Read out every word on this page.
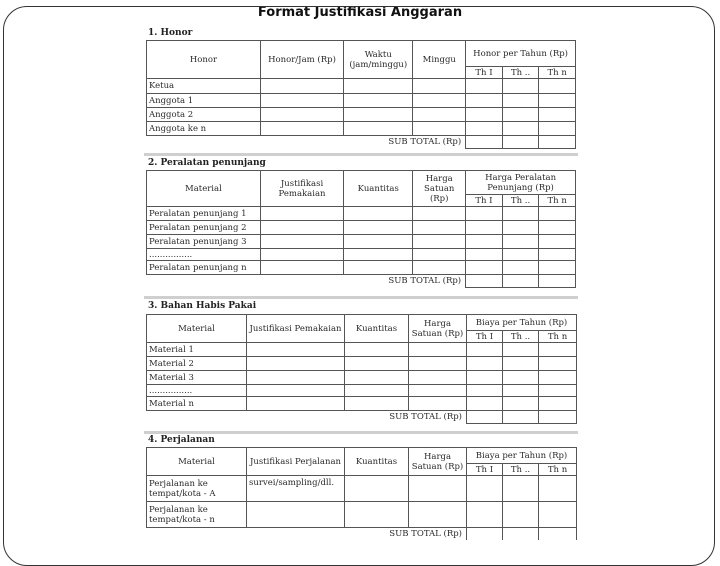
Format Justifikasi Anggaran
1. Honor
Honor	Honor/Jam (Rp)	Waktu (jam/minggu)	Minggu	Honor per Tahun (Rp)		
				Th I	Th ..	Th n
Ketua						
Anggota 1						
Anggota 2						
Anggota ke n						
SUB TOTAL (Rp)						
2. Peralatan penunjang
Material	Justifikasi Pemakaian	Kuantitas	Harga Satuan (Rp)	Harga Peralatan Penunjang (Rp)		
				Th I	Th ..	Th n
Peralatan penunjang 1						
Peralatan penunjang 2						
Peralatan penunjang 3						
................						
Peralatan penunjang n						
SUB TOTAL (Rp)						
3. Bahan Habis Pakai
Material	Justifikasi Pemakaian	Kuantitas	Harga Satuan (Rp)	Biaya per Tahun (Rp)		
				Th I	Th ..	Th n
Material 1						
Material 2						
Material 3						
................						
Material n						
SUB TOTAL (Rp)						
4. Perjalanan
Material	Justifikasi Perjalanan	Kuantitas	Harga Satuan (Rp)	Biaya per Tahun (Rp)		
				Th I	Th ..	Th n
Perjalanan ke tempat/kota - A	survei/sampling/dll.					
Perjalanan ke tempat/kota - n						
SUB TOTAL (Rp)						
